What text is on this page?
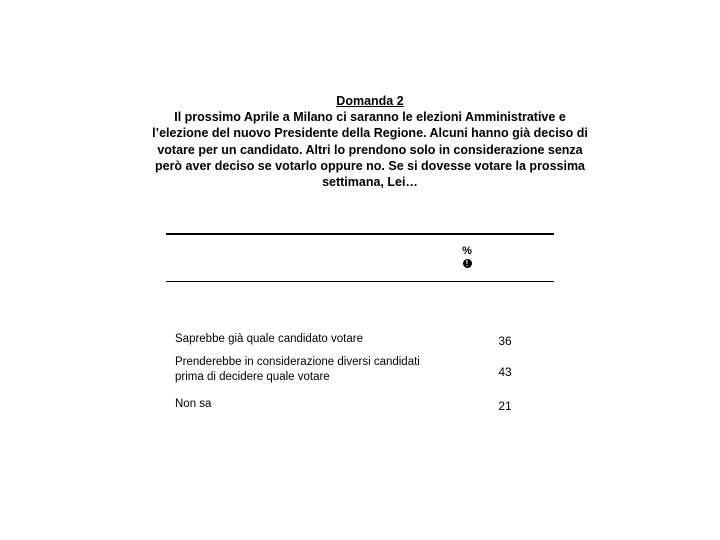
Domanda 2
Il prossimo Aprile a Milano ci saranno le elezioni Amministrative e l’elezione del nuovo Presidente della Regione. Alcuni hanno già deciso di votare per un candidato. Altri lo prendono solo in considerazione senza però aver deciso se votarlo oppure no. Se si dovesse votare la prossima settimana, Lei…
%
!
Saprebbe già quale candidato votare	36
Prenderebbe in considerazione diversi candidati prima di decidere quale votare	43
Non sa	21
